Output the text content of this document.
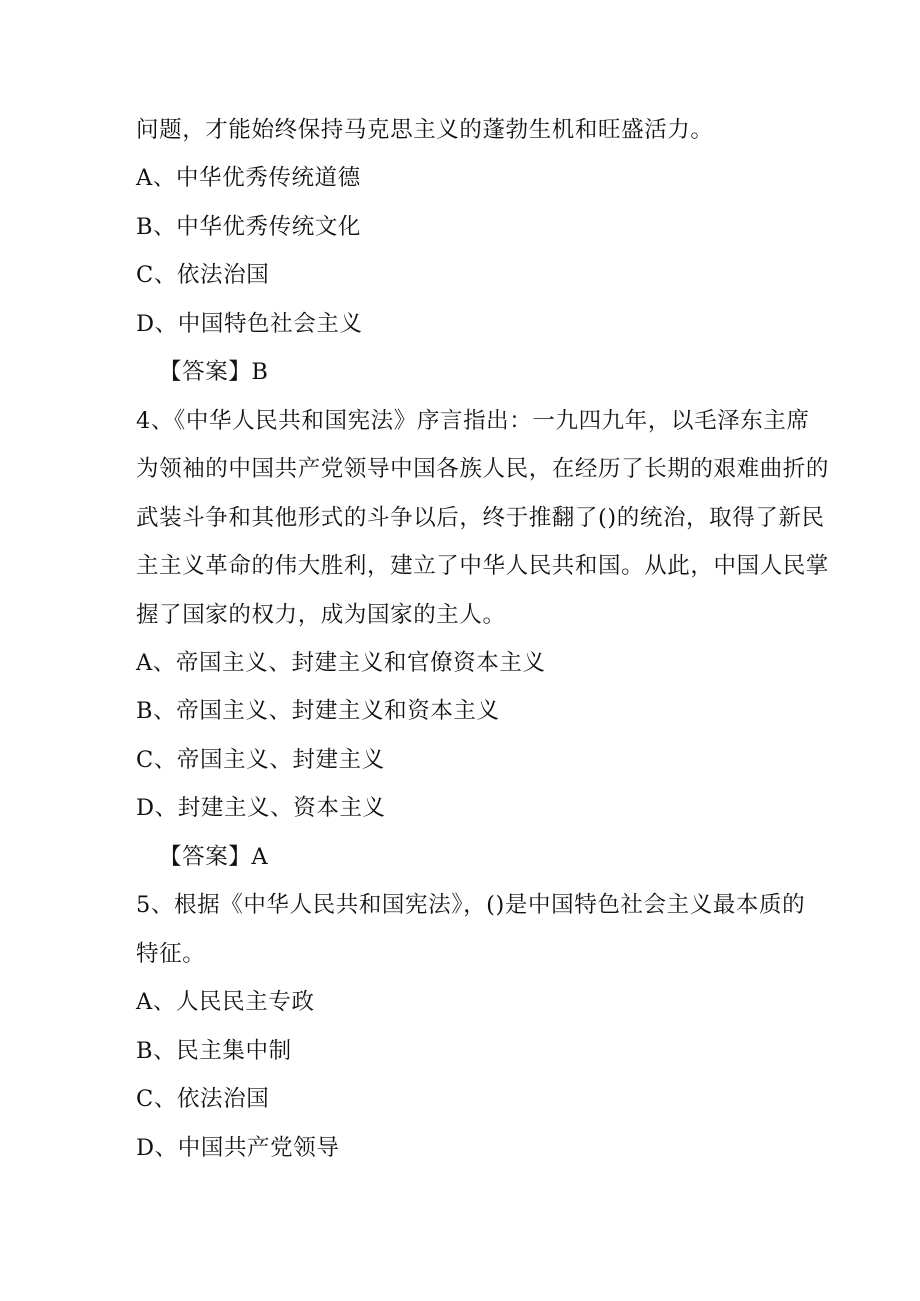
问题，才能始终保持马克思主义的蓬勃生机和旺盛活力。
A、中华优秀传统道德
B、中华优秀传统文化
C、依法治国
D、中国特色社会主义
【答案】B
4、《中华人民共和国宪法》序言指出：一九四九年，以毛泽东主席
为领袖的中国共产党领导中国各族人民，在经历了长期的艰难曲折的
武装斗争和其他形式的斗争以后，终于推翻了()的统治，取得了新民
主主义革命的伟大胜利，建立了中华人民共和国。从此，中国人民掌
握了国家的权力，成为国家的主人。
A、帝国主义、封建主义和官僚资本主义
B、帝国主义、封建主义和资本主义
C、帝国主义、封建主义
D、封建主义、资本主义
【答案】A
5、根据《中华人民共和国宪法》，()是中国特色社会主义最本质的
特征。
A、人民民主专政
B、民主集中制
C、依法治国
D、中国共产党领导
